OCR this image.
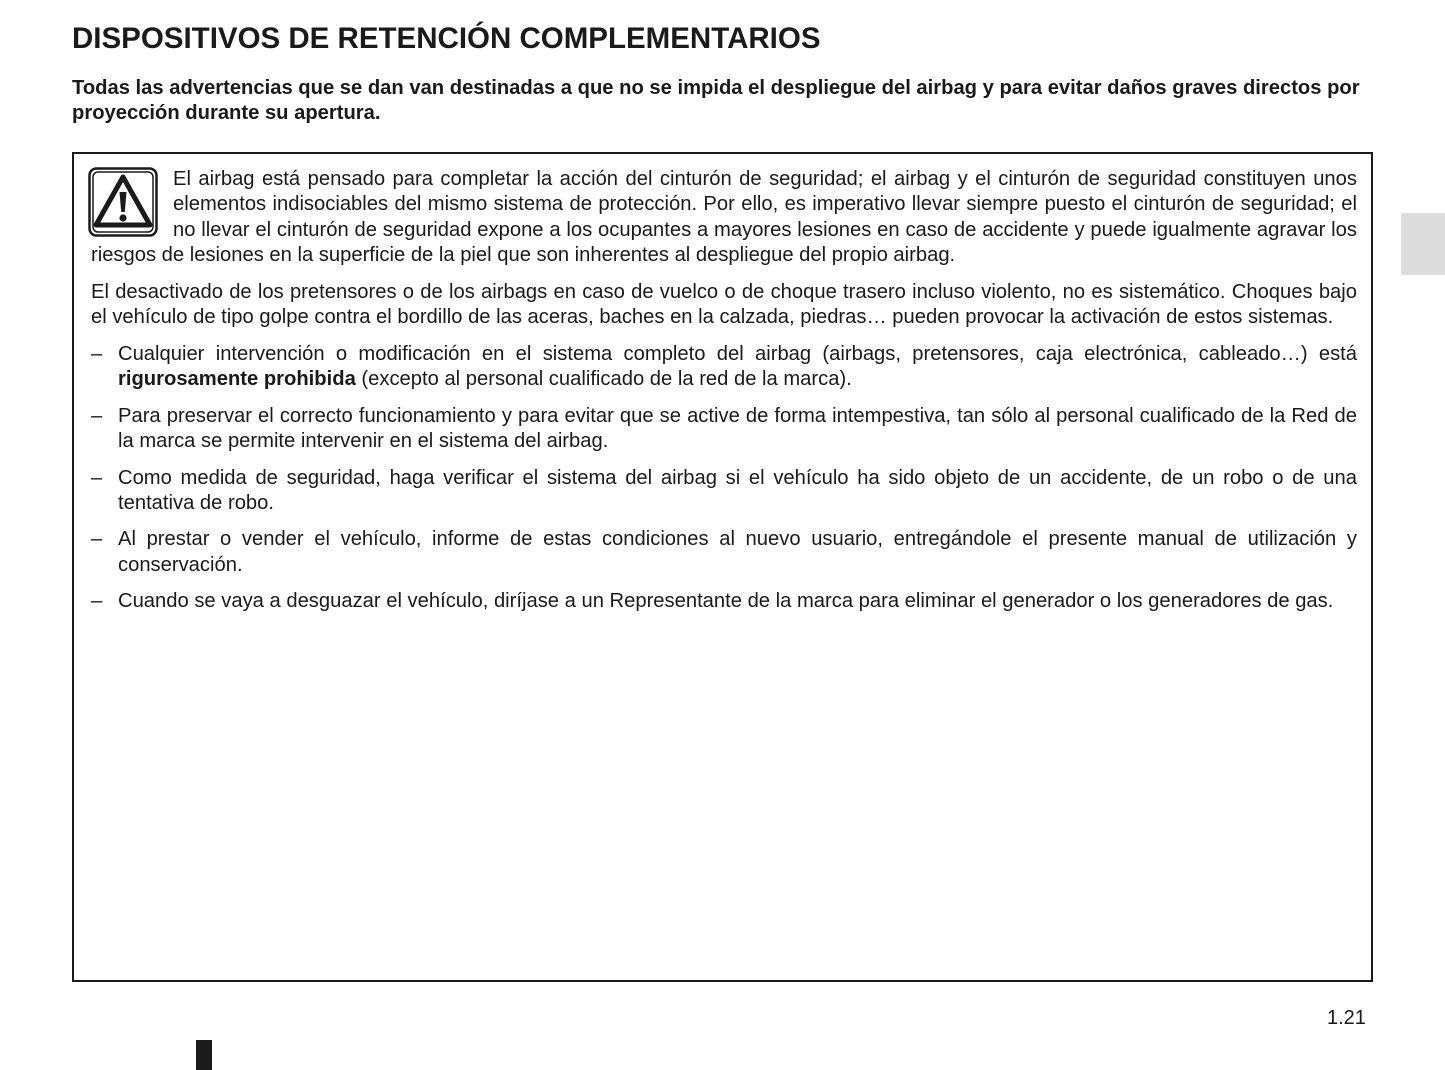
DISPOSITIVOS DE RETENCIÓN COMPLEMENTARIOS

Todas las advertencias que se dan van destinadas a que no se impida el despliegue del airbag y para evitar daños graves directos por proyección durante su apertura.

El airbag está pensado para completar la acción del cinturón de seguridad; el airbag y el cinturón de seguridad constituyen unos elementos indisociables del mismo sistema de protección. Por ello, es imperativo llevar siempre puesto el cinturón de seguridad; el no llevar el cinturón de seguridad expone a los ocupantes a mayores lesiones en caso de accidente y puede igualmente agravar los riesgos de lesiones en la superficie de la piel que son inherentes al despliegue del propio airbag.

El desactivado de los pretensores o de los airbags en caso de vuelco o de choque trasero incluso violento, no es sistemático. Choques bajo el vehículo de tipo golpe contra el bordillo de las aceras, baches en la calzada, piedras… pueden provocar la activación de estos sistemas.

– Cualquier intervención o modificación en el sistema completo del airbag (airbags, pretensores, caja electrónica, cableado…) está rigurosamente prohibida (excepto al personal cualificado de la red de la marca).
– Para preservar el correcto funcionamiento y para evitar que se active de forma intempestiva, tan sólo al personal cualificado de la Red de la marca se permite intervenir en el sistema del airbag.
– Como medida de seguridad, haga verificar el sistema del airbag si el vehículo ha sido objeto de un accidente, de un robo o de una tentativa de robo.
– Al prestar o vender el vehículo, informe de estas condiciones al nuevo usuario, entregándole el presente manual de utilización y conservación.
– Cuando se vaya a desguazar el vehículo, diríjase a un Representante de la marca para eliminar el generador o los generadores de gas.
1.21
